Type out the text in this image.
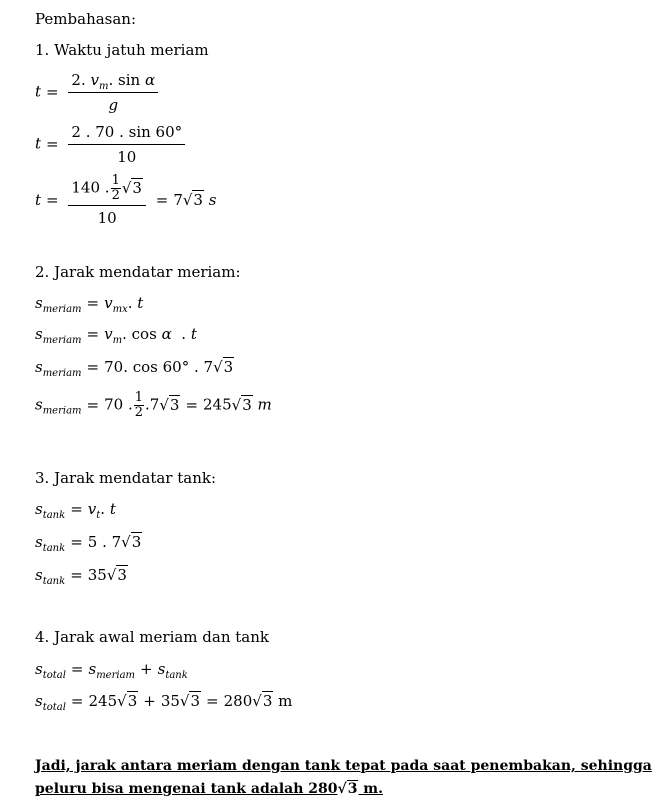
Pembahasan:
1. Waktu jatuh meriam
$t = \frac{2. v_m. \sin \alpha}{g}$
$t = \frac{2 . 70 . \sin 60^\circ}{10}$
$t = \frac{140 . \frac{1}{2} √3}{10} = 7√3$ s
2. Jarak mendatar meriam:
$s_{meriam} = v_{mx}$. t
$s_{meriam} = v_m$. cos α . t
$s_{meriam} = 70$. cos 60° . 7√3
$s_{meriam} = 70$ . $\frac{1}{2} .7√3 = 245√3$ m
3. Jarak mendatar tank:
$s_{tank} = v_t$. t
$s_{tank} = 5$ . 7√3
$s_{tank} = 35√3$
4. Jarak awal meriam dan tank
$s_{total} = s_{meriam} + s_{tank}$
$s_{total} = 245√3 + 35√3 = 280√3$ m
Jadi, jarak antara meriam dengan tank tepat pada saat penembakan, sehingga peluru bisa mengenai tank adalah 280√3 m.
